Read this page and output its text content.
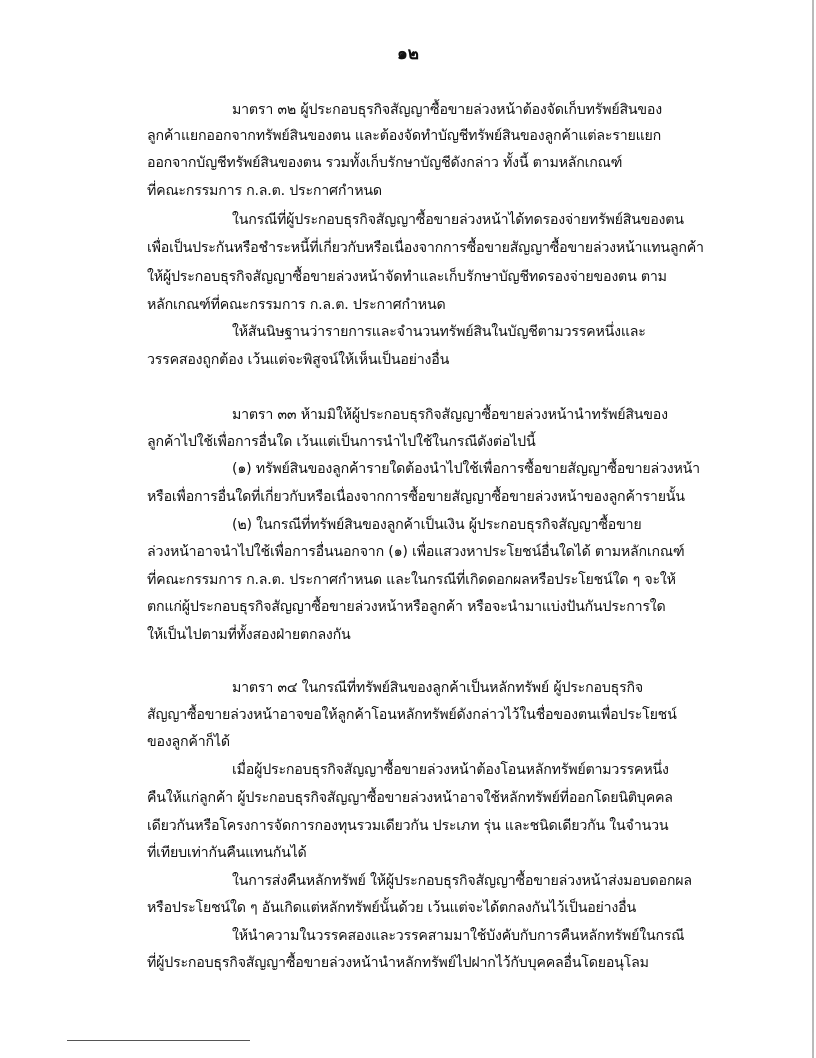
๑๒
มาตรา ๓๒ ผู้ประกอบธุรกิจสัญญาซื้อขายล่วงหน้าต้องจัดเก็บทรัพย์สินของ
ลูกค้าแยกออกจากทรัพย์สินของตน และต้องจัดทำบัญชีทรัพย์สินของลูกค้าแต่ละรายแยก
ออกจากบัญชีทรัพย์สินของตน รวมทั้งเก็บรักษาบัญชีดังกล่าว ทั้งนี้ ตามหลักเกณฑ์
ที่คณะกรรมการ ก.ล.ต. ประกาศกำหนด
ในกรณีที่ผู้ประกอบธุรกิจสัญญาซื้อขายล่วงหน้าได้ทดรองจ่ายทรัพย์สินของตน
เพื่อเป็นประกันหรือชำระหนี้ที่เกี่ยวกับหรือเนื่องจากการซื้อขายสัญญาซื้อขายล่วงหน้าแทนลูกค้า
ให้ผู้ประกอบธุรกิจสัญญาซื้อขายล่วงหน้าจัดทำและเก็บรักษาบัญชีทดรองจ่ายของตน ตาม
หลักเกณฑ์ที่คณะกรรมการ ก.ล.ต. ประกาศกำหนด
ให้สันนิษฐานว่ารายการและจำนวนทรัพย์สินในบัญชีตามวรรคหนึ่งและ
วรรคสองถูกต้อง เว้นแต่จะพิสูจน์ให้เห็นเป็นอย่างอื่น
มาตรา ๓๓ ห้ามมิให้ผู้ประกอบธุรกิจสัญญาซื้อขายล่วงหน้านำทรัพย์สินของ
ลูกค้าไปใช้เพื่อการอื่นใด เว้นแต่เป็นการนำไปใช้ในกรณีดังต่อไปนี้
(๑) ทรัพย์สินของลูกค้ารายใดต้องนำไปใช้เพื่อการซื้อขายสัญญาซื้อขายล่วงหน้า
หรือเพื่อการอื่นใดที่เกี่ยวกับหรือเนื่องจากการซื้อขายสัญญาซื้อขายล่วงหน้าของลูกค้ารายนั้น
(๒) ในกรณีที่ทรัพย์สินของลูกค้าเป็นเงิน ผู้ประกอบธุรกิจสัญญาซื้อขาย
ล่วงหน้าอาจนำไปใช้เพื่อการอื่นนอกจาก (๑) เพื่อแสวงหาประโยชน์อื่นใดได้ ตามหลักเกณฑ์
ที่คณะกรรมการ ก.ล.ต. ประกาศกำหนด และในกรณีที่เกิดดอกผลหรือประโยชน์ใด ๆ จะให้
ตกแก่ผู้ประกอบธุรกิจสัญญาซื้อขายล่วงหน้าหรือลูกค้า หรือจะนำมาแบ่งปันกันประการใด
ให้เป็นไปตามที่ทั้งสองฝ่ายตกลงกัน
มาตรา ๓๔ ในกรณีที่ทรัพย์สินของลูกค้าเป็นหลักทรัพย์ ผู้ประกอบธุรกิจ
สัญญาซื้อขายล่วงหน้าอาจขอให้ลูกค้าโอนหลักทรัพย์ดังกล่าวไว้ในชื่อของตนเพื่อประโยชน์
ของลูกค้าก็ได้
เมื่อผู้ประกอบธุรกิจสัญญาซื้อขายล่วงหน้าต้องโอนหลักทรัพย์ตามวรรคหนึ่ง
คืนให้แก่ลูกค้า ผู้ประกอบธุรกิจสัญญาซื้อขายล่วงหน้าอาจใช้หลักทรัพย์ที่ออกโดยนิติบุคคล
เดียวกันหรือโครงการจัดการกองทุนรวมเดียวกัน ประเภท รุ่น และชนิดเดียวกัน ในจำนวน
ที่เทียบเท่ากันคืนแทนกันได้
ในการส่งคืนหลักทรัพย์ ให้ผู้ประกอบธุรกิจสัญญาซื้อขายล่วงหน้าส่งมอบดอกผล
หรือประโยชน์ใด ๆ อันเกิดแต่หลักทรัพย์นั้นด้วย เว้นแต่จะได้ตกลงกันไว้เป็นอย่างอื่น
ให้นำความในวรรคสองและวรรคสามมาใช้บังคับกับการคืนหลักทรัพย์ในกรณี
ที่ผู้ประกอบธุรกิจสัญญาซื้อขายล่วงหน้านำหลักทรัพย์ไปฝากไว้กับบุคคลอื่นโดยอนุโลม
